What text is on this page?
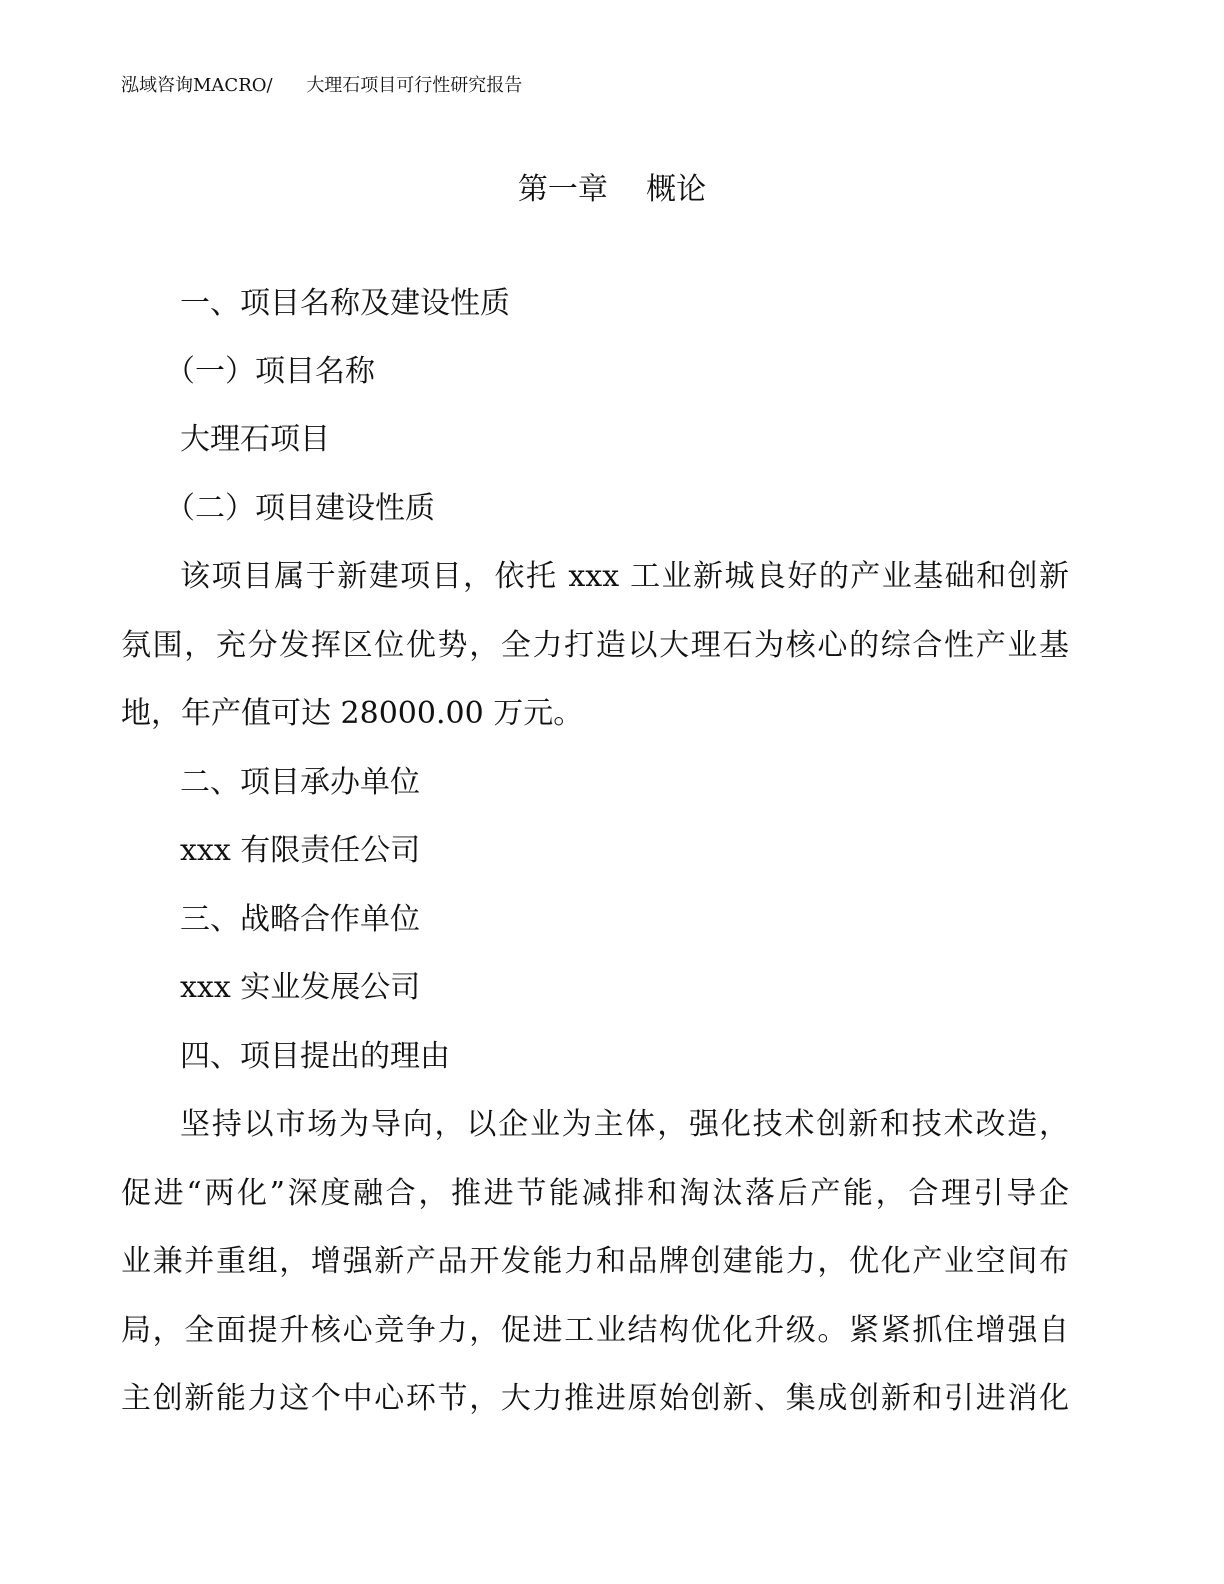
泓域咨询MACRO/ 大理石项目可行性研究报告
第一章    概论
一、项目名称及建设性质
（一）项目名称
大理石项目
（二）项目建设性质
该项目属于新建项目，依托 xxx 工业新城良好的产业基础和创新
氛围，充分发挥区位优势，全力打造以大理石为核心的综合性产业基
地，年产值可达 28000.00 万元。
二、项目承办单位
xxx 有限责任公司
三、战略合作单位
xxx 实业发展公司
四、项目提出的理由
坚持以市场为导向，以企业为主体，强化技术创新和技术改造，
促进“两化”深度融合，推进节能减排和淘汰落后产能，合理引导企
业兼并重组，增强新产品开发能力和品牌创建能力，优化产业空间布
局，全面提升核心竞争力，促进工业结构优化升级。紧紧抓住增强自
主创新能力这个中心环节，大力推进原始创新、集成创新和引进消化
